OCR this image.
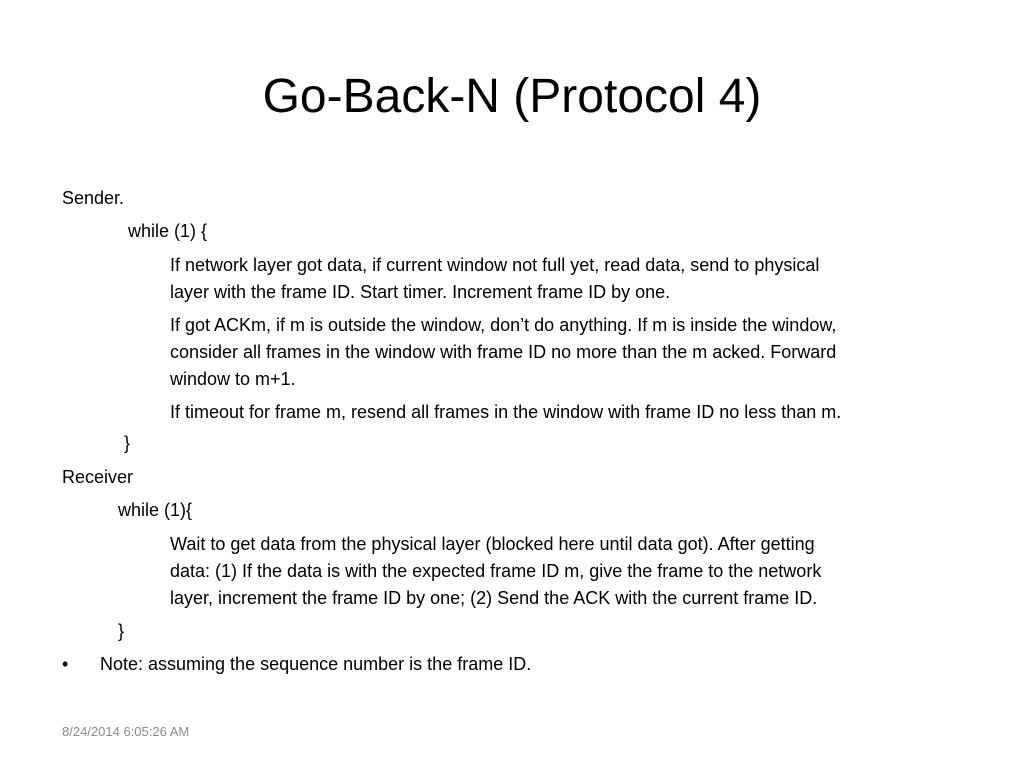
Go-Back-N (Protocol 4)
Sender.
while (1) {
If network layer got data, if current window not full yet, read data, send to physical
layer with the frame ID. Start timer. Increment frame ID by one.
If got ACKm, if m is outside the window, don’t do anything. If m is inside the window,
consider all frames in the window with frame ID no more than the m acked. Forward
window to m+1.
If timeout for frame m, resend all frames in the window with frame ID no less than m.
}
Receiver
while (1){
Wait to get data from the physical layer (blocked here until data got). After getting
data: (1) If the data is with the expected frame ID m, give the frame to the network
layer, increment the frame ID by one; (2) Send the ACK with the current frame ID.
}
• Note: assuming the sequence number is the frame ID.
8/24/2014 6:05:26 AM
